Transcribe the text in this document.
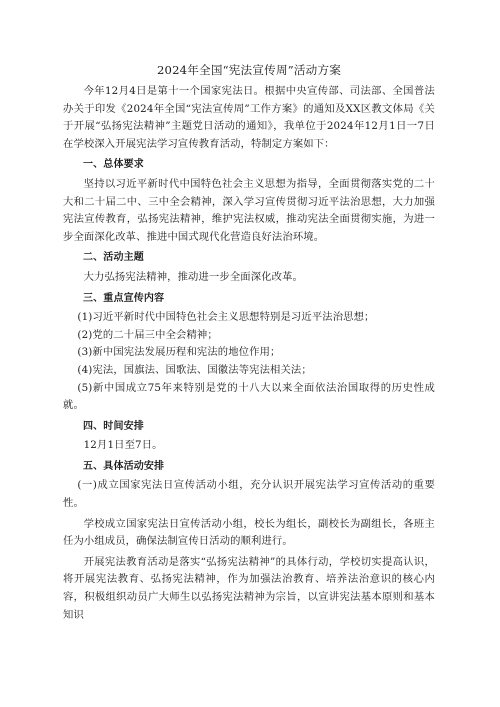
2024年全国“宪法宣传周”活动方案

今年12月4日是第十一个国家宪法日。根据中央宣传部、司法部、全国普法办关于印发《2024年全国“宪法宣传周”工作方案》的通知及XX区教文体局《关于开展“弘扬宪法精神”主题党日活动的通知》，我单位于2024年12月1日一7日在学校深入开展宪法学习宣传教育活动，特制定方案如下：

一、总体要求

坚持以习近平新时代中国特色社会主义思想为指导，全面贯彻落实党的二十大和二十届二中、三中全会精神，深入学习宣传贯彻习近平法治思想，大力加强宪法宣传教育，弘扬宪法精神，维护宪法权威，推动宪法全面贯彻实施，为进一步全面深化改革、推进中国式现代化营造良好法治环境。

二、活动主题

大力弘扬宪法精神，推动进一步全面深化改革。

三、重点宣传内容

(1)习近平新时代中国特色社会主义思想特别是习近平法治思想；

(2)党的二十届三中全会精神；

(3)新中国宪法发展历程和宪法的地位作用；

(4)宪法，国旗法、国歌法、国徽法等宪法相关法；

(5)新中国成立75年来特别是党的十八大以来全面依法治国取得的历史性成就。

四、时间安排

12月1日至7日。

五、具体活动安排

(一)成立国家宪法日宣传活动小组，充分认识开展宪法学习宣传活动的重要性。

学校成立国家宪法日宣传活动小组，校长为组长，副校长为副组长，各班主任为小组成员，确保法制宣传日活动的顺利进行。

开展宪法教育活动是落实“弘扬宪法精神”的具体行动，学校切实提高认识，将开展宪法教育、弘扬宪法精神，作为加强法治教育、培养法治意识的核心内容，积极组织动员广大师生以弘扬宪法精神为宗旨，以宣讲宪法基本原则和基本知识
